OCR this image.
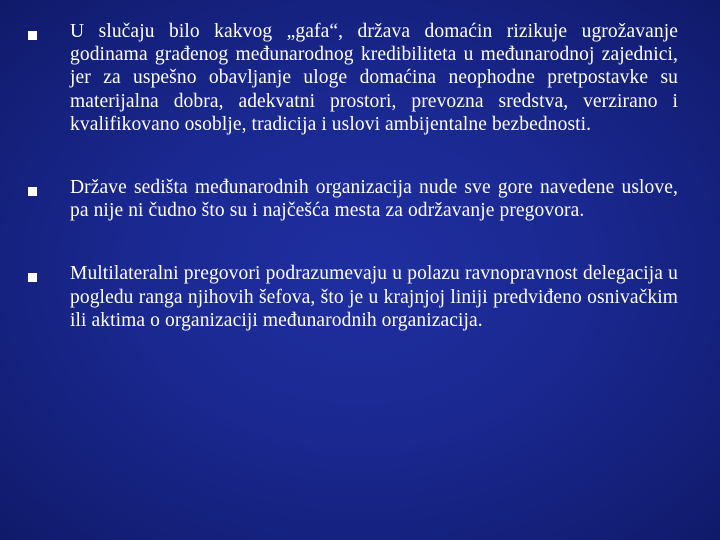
U slučaju bilo kakvog „gafa“, država domaćin rizikuje ugrožavanje godinama građenog međunarodnog kredibiliteta u međunarodnoj zajednici, jer za uspešno obavljanje uloge domaćina neophodne pretpostavke su materijalna dobra, adekvatni prostori, prevozna sredstva, verzirano i kvalifikovano osoblje, tradicija i uslovi ambijentalne bezbednosti.
Države sedišta međunarodnih organizacija nude sve gore navedene uslove, pa nije ni čudno što su i najčešća mesta za održavanje pregovora.
Multilateralni pregovori podrazumevaju u polazu ravnopravnost delegacija u pogledu ranga njihovih šefova, što je u krajnjoj liniji predviđeno osnivačkim ili aktima o organizaciji međunarodnih organizacija.
